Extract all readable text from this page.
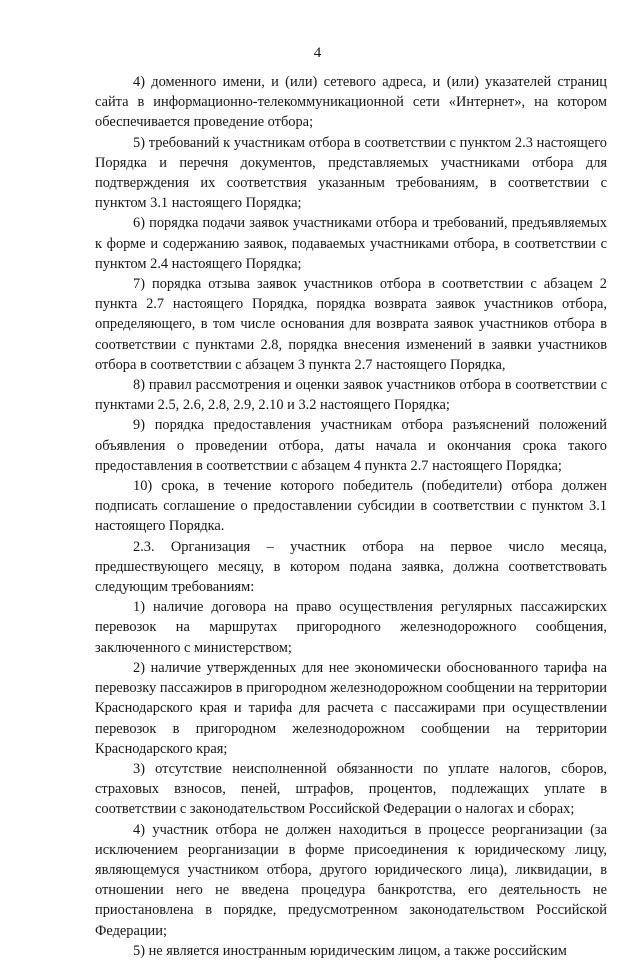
4

4) доменного имени, и (или) сетевого адреса, и (или) указателей страниц сайта в информационно-телекоммуникационной сети «Интернет», на котором обеспечивается проведение отбора;

5) требований к участникам отбора в соответствии с пунктом 2.3 настоящего Порядка и перечня документов, представляемых участниками отбора для подтверждения их соответствия указанным требованиям, в соответствии с пунктом 3.1 настоящего Порядка;

6) порядка подачи заявок участниками отбора и требований, предъявляемых к форме и содержанию заявок, подаваемых участниками отбора, в соответствии с пунктом 2.4 настоящего Порядка;

7) порядка отзыва заявок участников отбора в соответствии с абзацем 2 пункта 2.7 настоящего Порядка, порядка возврата заявок участников отбора, определяющего, в том числе основания для возврата заявок участников отбора в соответствии с пунктами 2.8, порядка внесения изменений в заявки участников отбора в соответствии с абзацем 3 пункта 2.7 настоящего Порядка,

8) правил рассмотрения и оценки заявок участников отбора в соответствии с пунктами 2.5, 2.6, 2.8, 2.9, 2.10 и 3.2 настоящего Порядка;

9) порядка предоставления участникам отбора разъяснений положений объявления о проведении отбора, даты начала и окончания срока такого предоставления в соответствии с абзацем 4 пункта 2.7 настоящего Порядка;

10) срока, в течение которого победитель (победители) отбора должен подписать соглашение о предоставлении субсидии в соответствии с пунктом 3.1 настоящего Порядка.

2.3. Организация – участник отбора на первое число месяца, предшествующего месяцу, в котором подана заявка, должна соответствовать следующим требованиям:

1) наличие договора на право осуществления регулярных пассажирских перевозок на маршрутах пригородного железнодорожного сообщения, заключенного с министерством;

2) наличие утвержденных для нее экономически обоснованного тарифа на перевозку пассажиров в пригородном железнодорожном сообщении на территории Краснодарского края и тарифа для расчета с пассажирами при осуществлении перевозок в пригородном железнодорожном сообщении на территории Краснодарского края;

3) отсутствие неисполненной обязанности по уплате налогов, сборов, страховых взносов, пеней, штрафов, процентов, подлежащих уплате в соответствии с законодательством Российской Федерации о налогах и сборах;

4) участник отбора не должен находиться в процессе реорганизации (за исключением реорганизации в форме присоединения к юридическому лицу, являющемуся участником отбора, другого юридического лица), ликвидации, в отношении него не введена процедура банкротства, его деятельность не приостановлена в порядке, предусмотренном законодательством Российской Федерации;

5) не является иностранным юридическим лицом, а также российским
